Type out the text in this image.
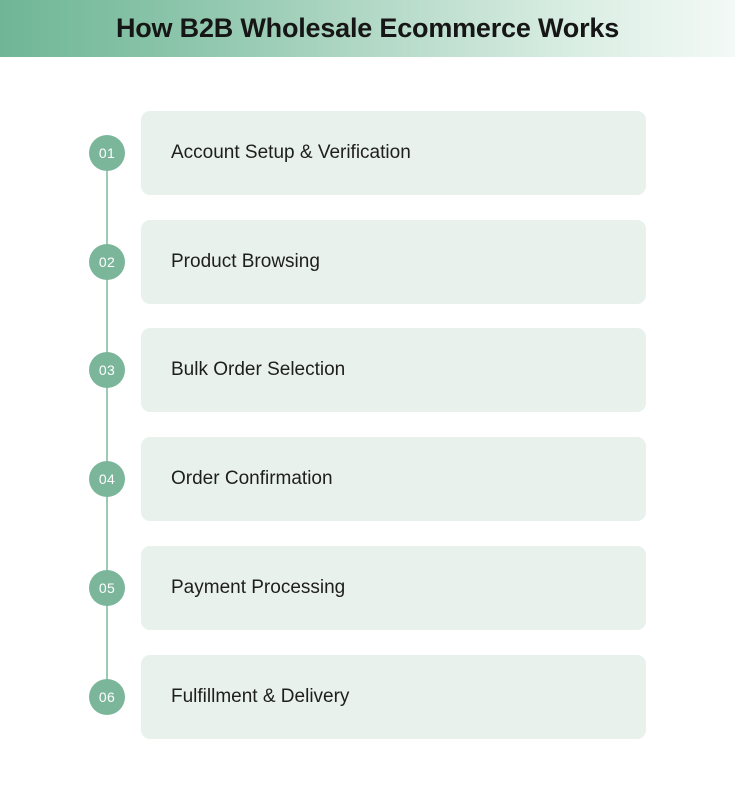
How B2B Wholesale Ecommerce Works
01	Account Setup & Verification
02	Product Browsing
03	Bulk Order Selection
04	Order Confirmation
05	Payment Processing
06	Fulfillment & Delivery
